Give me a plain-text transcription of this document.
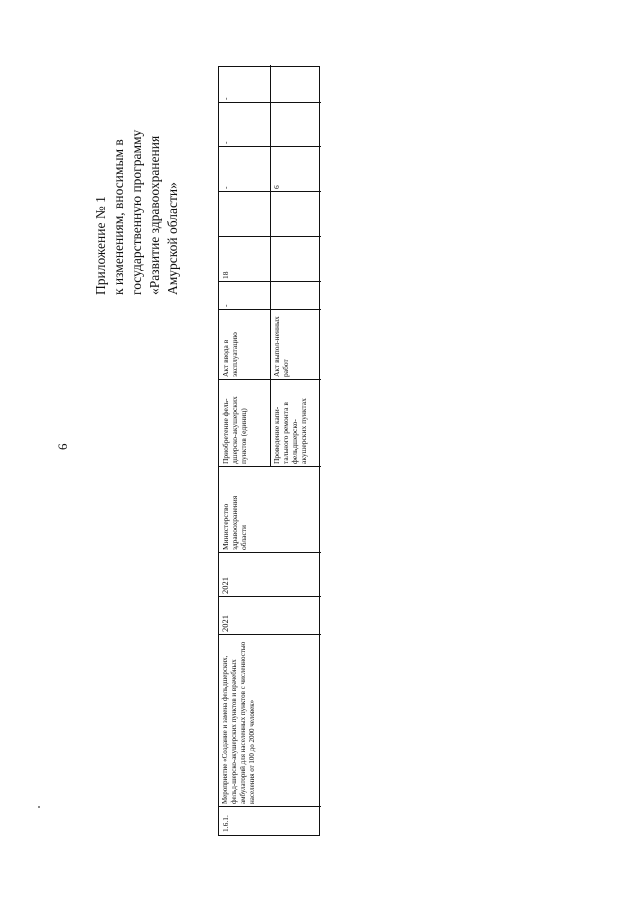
6
Приложение № 1 к изменениям, вносимым в государственную программу «Развитие здравоохранения Амурской области»
1.6.1.
Мероприятие «Создание и замена фельдшерских, фельд-шерско-акушерских пунктов и врачебных амбулаторий для населенных пунктов с численностью населения от 100 до 2000 человек»
2021
2021
Министерство здравоохранения области
Приобретение фель-дшерско-акушерских пунктов (единиц)	Проведение капи-тального ремонта в фельдшерско-акушерских пунктах
Акт ввода в эксплуатацию	Акт выпол-ненных работ
-
18
-
-
-
6
